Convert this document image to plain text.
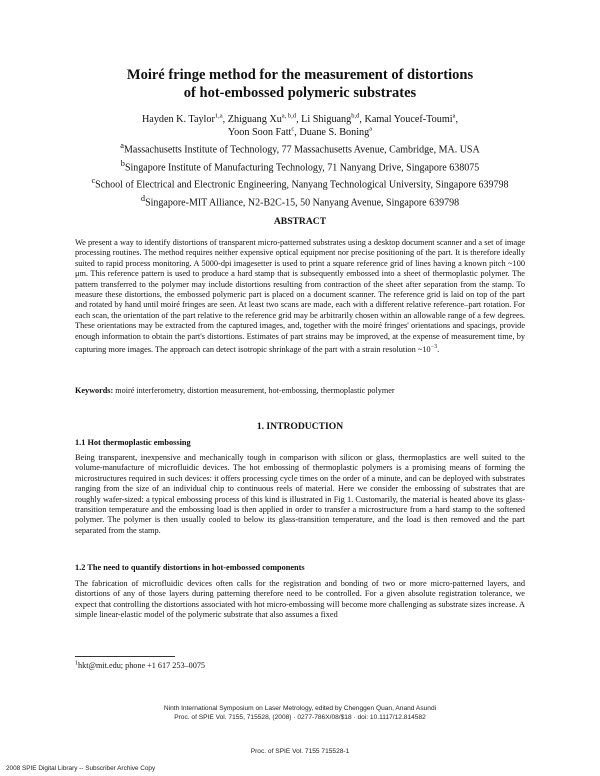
Moiré fringe method for the measurement of distortions
of hot-embossed polymeric substrates
Hayden K. Taylor$^{1,a}$, Zhiguang Xu$^{a, b,d}$, Li Shiguang$^{b,d}$, Kamal Youcef-Toumi$^a$,
Yoon Soon Fatt$^c$, Duane S. Boning$^a$
$^a$Massachusetts Institute of Technology, 77 Massachusetts Avenue, Cambridge, MA. USA
$^b$Singapore Institute of Manufacturing Technology, 71 Nanyang Drive, Singapore 638075
$^c$School of Electrical and Electronic Engineering, Nanyang Technological University, Singapore 639798
$^d$Singapore-MIT Alliance, N2-B2C-15, 50 Nanyang Avenue, Singapore 639798
ABSTRACT

We present a way to identify distortions of transparent micro-patterned substrates using a desktop document scanner and a set of image processing routines. The method requires neither expensive optical equipment nor precise positioning of the part. It is therefore ideally suited to rapid process monitoring. A 5000-dpi imagesetter is used to print a square reference grid of lines having a known pitch ~100 μm. This reference pattern is used to produce a hard stamp that is subsequently embossed into a sheet of thermoplastic polymer. The pattern transferred to the polymer may include distortions resulting from contraction of the sheet after separation from the stamp. To measure these distortions, the embossed polymeric part is placed on a document scanner. The reference grid is laid on top of the part and rotated by hand until moiré fringes are seen. At least two scans are made, each with a different relative reference–part rotation. For each scan, the orientation of the part relative to the reference grid may be arbitrarily chosen within an allowable range of a few degrees. These orientations may be extracted from the captured images, and, together with the moiré fringes' orientations and spacings, provide enough information to obtain the part's distortions. Estimates of part strains may be improved, at the expense of measurement time, by capturing more images. The approach can detect isotropic shrinkage of the part with a strain resolution $\sim 10^{-3}$.

Keywords: moiré interferometry, distortion measurement, hot-embossing, thermoplastic polymer
1. INTRODUCTION
1.1 Hot thermoplastic embossing

Being transparent, inexpensive and mechanically tough in comparison with silicon or glass, thermoplastics are well suited to the volume-manufacture of microfluidic devices. The hot embossing of thermoplastic polymers is a promising means of forming the microstructures required in such devices: it offers processing cycle times on the order of a minute, and can be deployed with substrates ranging from the size of an individual chip to continuous reels of material. Here we consider the embossing of substrates that are roughly wafer-sized: a typical embossing process of this kind is illustrated in Fig 1. Customarily, the material is heated above its glass-transition temperature and the embossing load is then applied in order to transfer a microstructure from a hard stamp to the softened polymer. The polymer is then usually cooled to below its glass-transition temperature, and the load is then removed and the part separated from the stamp.

1.2 The need to quantify distortions in hot-embossed components

The fabrication of microfluidic devices often calls for the registration and bonding of two or more micro-patterned layers, and distortions of any of those layers during patterning therefore need to be controlled. For a given absolute registration tolerance, we expect that controlling the distortions associated with hot micro-embossing will become more challenging as substrate sizes increase. A simple linear-elastic model of the polymeric substrate that also assumes a fixed

$^1$hkt@mit.edu; phone +1 617 253–0075
Ninth International Symposium on Laser Metrology, edited by Chenggen Quan, Anand Asundi
Proc. of SPIE Vol. 7155, 715528, (2008) · 0277-786X/08/$18 · doi: 10.1117/12.814582
Proc. of SPIE Vol. 7155 715528-1
2008 SPIE Digital Library -- Subscriber Archive Copy
